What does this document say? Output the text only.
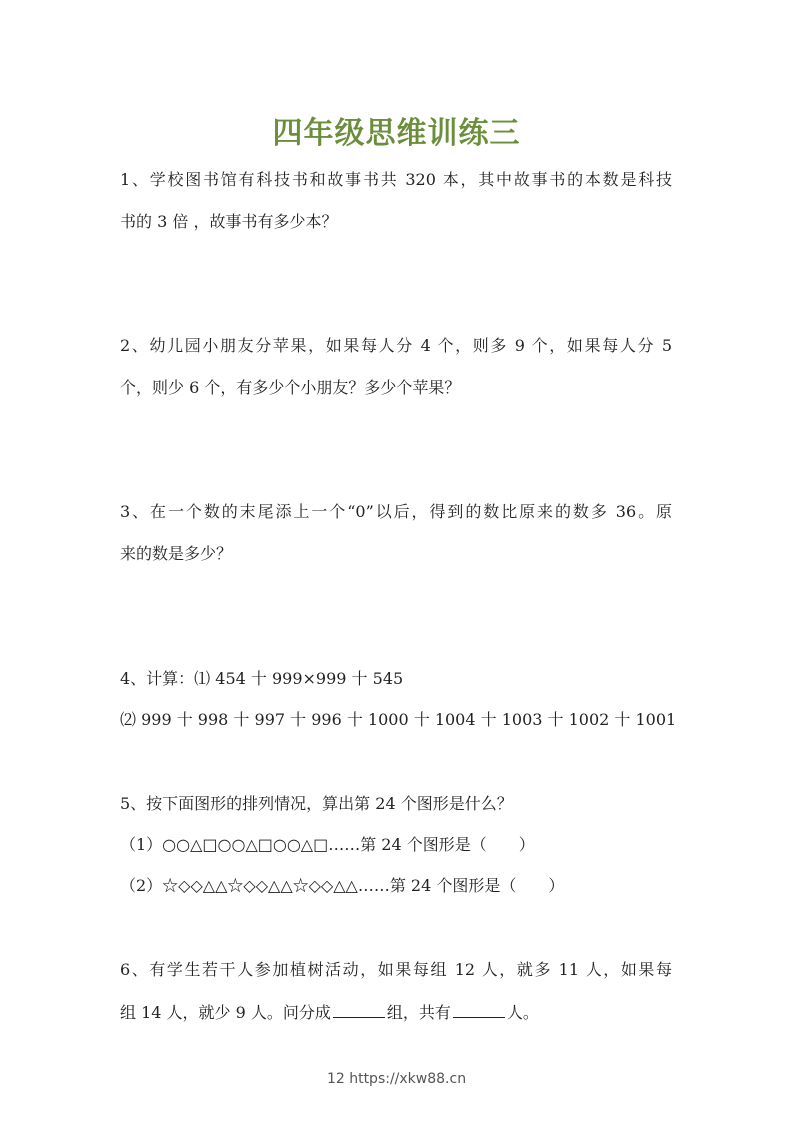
四年级思维训练三
1、学校图书馆有科技书和故事书共 320 本，其中故事书的本数是科技
书的 3 倍 ，故事书有多少本？
2、幼儿园小朋友分苹果，如果每人分 4 个，则多 9 个，如果每人分 5
个，则少 6 个，有多少个小朋友？多少个苹果？
3、在一个数的末尾添上一个“0”以后，得到的数比原来的数多 36。原
来的数是多少？
4、计算：⑴ 454 十 999×999 十 545
⑵ 999 十 998 十 997 十 996 十 1000 十 1004 十 1003 十 1002 十 1001
5、按下面图形的排列情况，算出第 24 个图形是什么？
（1）○○△□○○△□○○△□……第 24 个图形是（　　）
（2）☆◇◇△△☆◇◇△△☆◇◇△△……第 24 个图形是（　　）
6、有学生若干人参加植树活动，如果每组 12 人，就多 11 人，如果每
组 14 人，就少 9 人。问分成	组，共有	人。
12 https://xkw88.cn
